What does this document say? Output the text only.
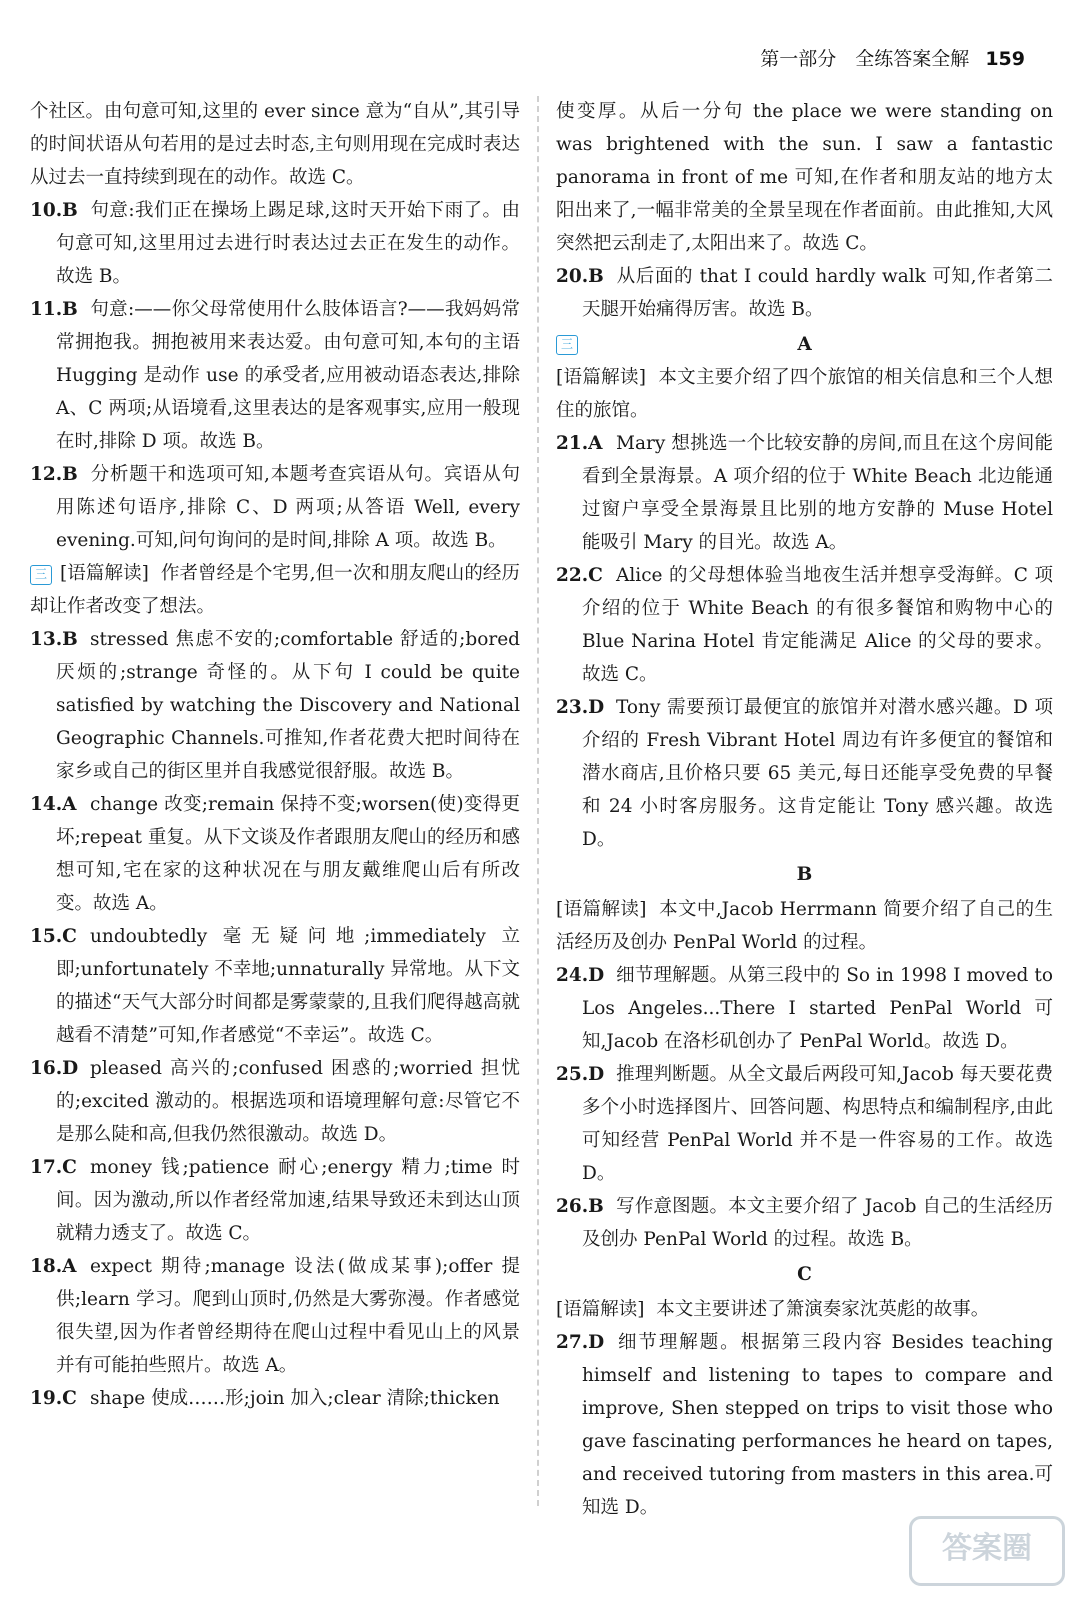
第一部分　全练答案全解 159

个社区。由句意可知,这里的 ever since 意为“自从”,其引导的时间状语从句若用的是过去时态,主句则用现在完成时表达从过去一直持续到现在的动作。故选 C。

10.B 句意:我们正在操场上踢足球,这时天开始下雨了。由句意可知,这里用过去进行时表达过去正在发生的动作。故选 B。
11.B 句意:——你父母常使用什么肢体语言?——我妈妈常常拥抱我。拥抱被用来表达爱。由句意可知,本句的主语 Hugging 是动作 use 的承受者,应用被动语态表达,排除 A、C 两项;从语境看,这里表达的是客观事实,应用一般现在时,排除 D 项。故选 B。
12.B 分析题干和选项可知,本题考查宾语从句。宾语从句用陈述句语序,排除 C、D 两项;从答语 Well, every evening.可知,问句询问的是时间,排除 A 项。故选 B。

三 [语篇解读] 作者曾经是个宅男,但一次和朋友爬山的经历却让作者改变了想法。

13.B stressed 焦虑不安的;comfortable 舒适的;bored 厌烦的;strange 奇怪的。从下句 I could be quite satisfied by watching the Discovery and National Geographic Channels.可推知,作者花费大把时间待在家乡或自己的街区里并自我感觉很舒服。故选 B。
14.A change 改变;remain 保持不变;worsen(使)变得更坏;repeat 重复。从下文谈及作者跟朋友爬山的经历和感想可知,宅在家的这种状况在与朋友戴维爬山后有所改变。故选 A。
15.C undoubtedly 毫无疑问地;immediately 立即;unfortunately 不幸地;unnaturally 异常地。从下文的描述“天气大部分时间都是雾蒙蒙的,且我们爬得越高就越看不清楚”可知,作者感觉“不幸运”。故选 C。
16.D pleased 高兴的;confused 困惑的;worried 担忧的;excited 激动的。根据选项和语境理解句意:尽管它不是那么陡和高,但我仍然很激动。故选 D。
17.C money 钱;patience 耐心;energy 精力;time 时间。因为激动,所以作者经常加速,结果导致还未到达山顶就精力透支了。故选 C。
18.A expect 期待;manage 设法(做成某事);offer 提供;learn 学习。爬到山顶时,仍然是大雾弥漫。作者感觉很失望,因为作者曾经期待在爬山过程中看见山上的风景并有可能拍些照片。故选 A。
19.C shape 使成……形;join 加入;clear 清除;thicken

使变厚。从后一分句 the place we were standing on was brightened with the sun. I saw a fantastic panorama in front of me 可知,在作者和朋友站的地方太阳出来了,一幅非常美的全景呈现在作者面前。由此推知,大风突然把云刮走了,太阳出来了。故选 C。

20.B 从后面的 that I could hardly walk 可知,作者第二天腿开始痛得厉害。故选 B。
三	A

[语篇解读] 本文主要介绍了四个旅馆的相关信息和三个人想住的旅馆。

21.A Mary 想挑选一个比较安静的房间,而且在这个房间能看到全景海景。A 项介绍的位于 White Beach 北边能通过窗户享受全景海景且比别的地方安静的 Muse Hotel 能吸引 Mary 的目光。故选 A。
22.C Alice 的父母想体验当地夜生活并想享受海鲜。C 项介绍的位于 White Beach 的有很多餐馆和购物中心的 Blue Narina Hotel 肯定能满足 Alice 的父母的要求。故选 C。
23.D Tony 需要预订最便宜的旅馆并对潜水感兴趣。D 项介绍的 Fresh Vibrant Hotel 周边有许多便宜的餐馆和潜水商店,且价格只要 65 美元,每日还能享受免费的早餐和 24 小时客房服务。这肯定能让 Tony 感兴趣。故选 D。
B

[语篇解读] 本文中,Jacob Herrmann 简要介绍了自己的生活经历及创办 PenPal World 的过程。

24.D 细节理解题。从第三段中的 So in 1998 I moved to Los Angeles...There I started PenPal World 可知,Jacob 在洛杉矶创办了 PenPal World。故选 D。
25.D 推理判断题。从全文最后两段可知,Jacob 每天要花费多个小时选择图片、回答问题、构思特点和编制程序,由此可知经营 PenPal World 并不是一件容易的工作。故选 D。
26.B 写作意图题。本文主要介绍了 Jacob 自己的生活经历及创办 PenPal World 的过程。故选 B。
C

[语篇解读] 本文主要讲述了箫演奏家沈英彪的故事。

27.D 细节理解题。根据第三段内容 Besides teaching himself and listening to tapes to compare and improve, Shen stepped on trips to visit those who gave fascinating performances he heard on tapes, and received tutoring from masters in this area.可知选 D。
答案圈
